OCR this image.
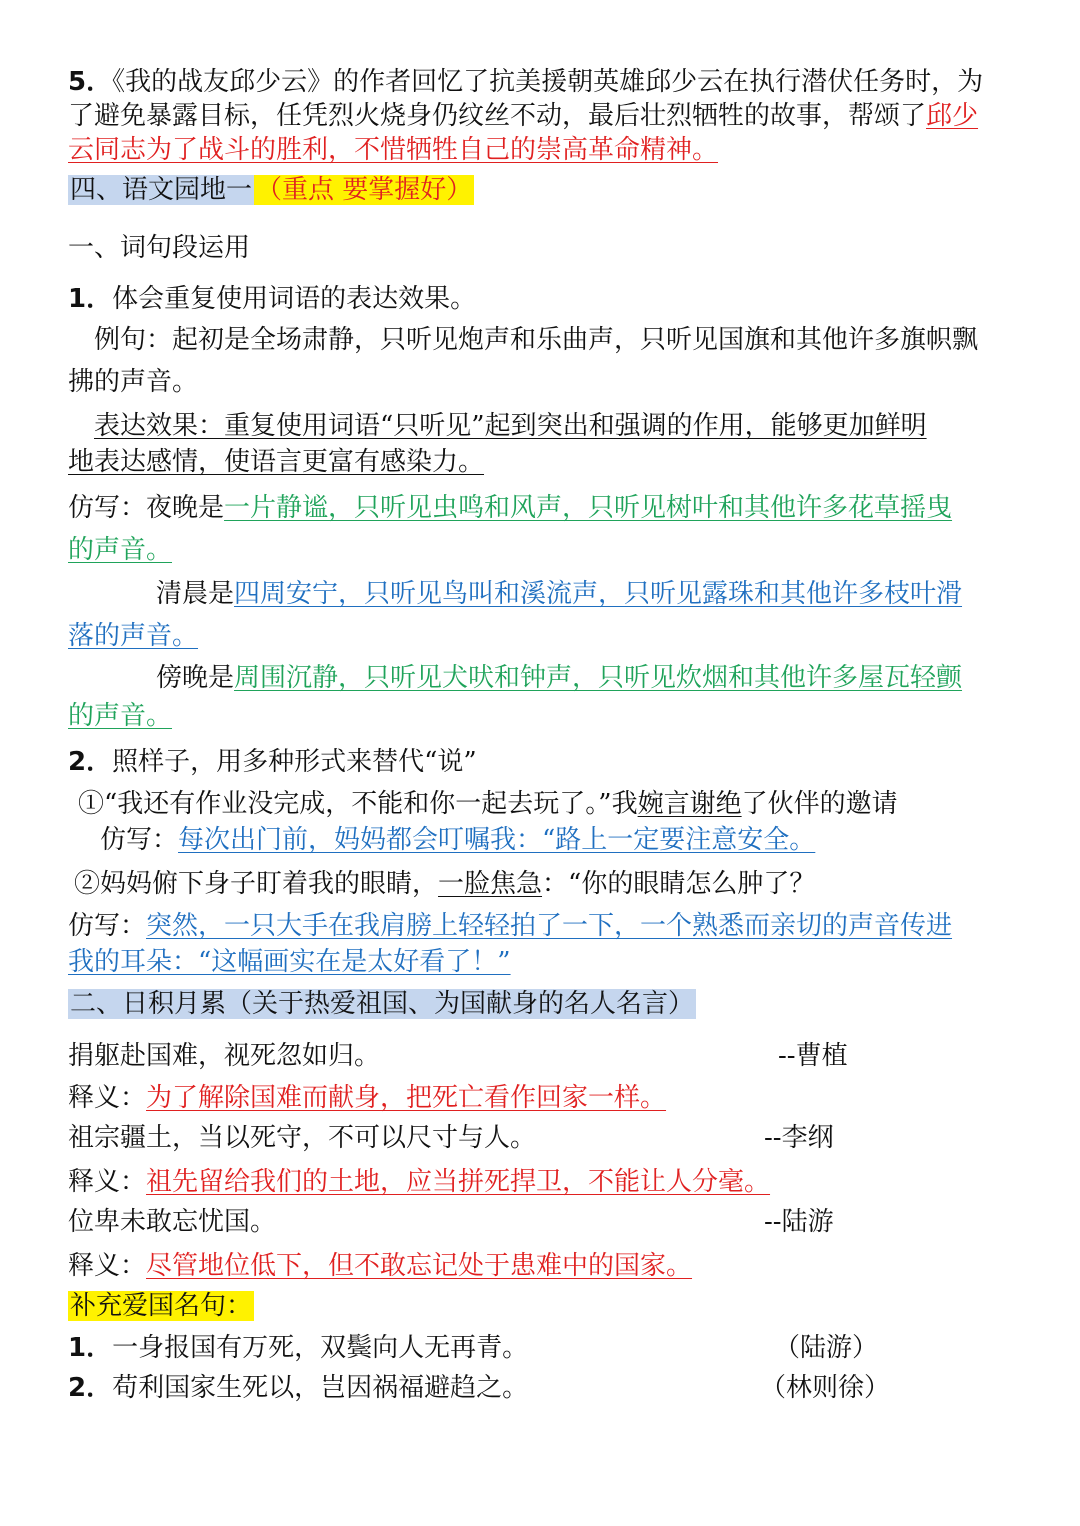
5．《我的战友邱少云》的作者回忆了抗美援朝英雄邱少云在执行潜伏任务时，为
了避免暴露目标，任凭烈火烧身仍纹丝不动，最后壮烈牺牲的故事，帮颂了邱少
云同志为了战斗的胜利，不惜牺牲自己的崇高革命精神。
四、语文园地一 （重点 要掌握好）
一、词句段运用
1．体会重复使用词语的表达效果。
例句：起初是全场肃静，只听见炮声和乐曲声，只听见国旗和其他许多旗帜飘
拂的声音。
表达效果：重复使用词语“只听见”起到突出和强调的作用，能够更加鲜明
地表达感情，使语言更富有感染力。
仿写：夜晚是一片静谧，只听见虫鸣和风声，只听见树叶和其他许多花草摇曳
的声音。
清晨是四周安宁，只听见鸟叫和溪流声，只听见露珠和其他许多枝叶滑
落的声音。
傍晚是周围沉静，只听见犬吠和钟声，只听见炊烟和其他许多屋瓦轻颤
的声音。
2．照样子，用多种形式来替代“说”
①“我还有作业没完成，不能和你一起去玩了。”我婉言谢绝了伙伴的邀请
仿写：每次出门前，妈妈都会叮嘱我：“路上一定要注意安全。
②妈妈俯下身子盯着我的眼睛，一脸焦急：“你的眼睛怎么肿了？
仿写：突然，一只大手在我肩膀上轻轻拍了一下，一个熟悉而亲切的声音传进
我的耳朵：“这幅画实在是太好看了！”
二、日积月累（关于热爱祖国、为国献身的名人名言）
捐躯赴国难，视死忽如归。	--曹植
释义：为了解除国难而献身，把死亡看作回家一样。
祖宗疆土，当以死守，不可以尺寸与人。	--李纲
释义：祖先留给我们的土地，应当拼死捍卫，不能让人分毫。
位卑未敢忘忧国。	--陆游
释义：尽管地位低下，但不敢忘记处于患难中的国家。
补充爱国名句：
1．一身报国有万死，双鬓向人无再青。	（陆游）
2．苟利国家生死以，岂因祸福避趋之。	（林则徐）
